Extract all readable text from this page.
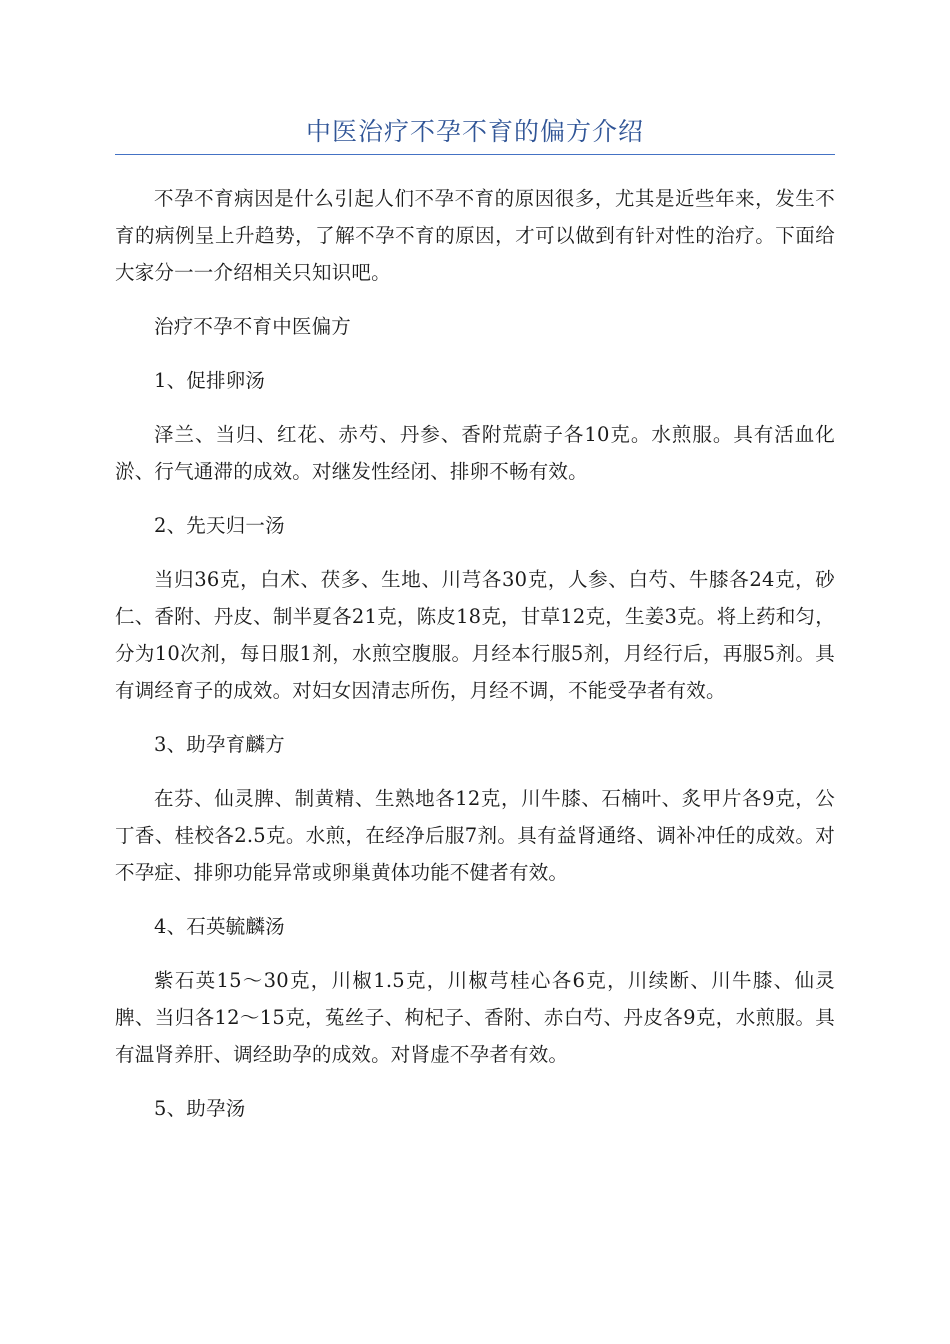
中医治疗不孕不育的偏方介绍

不孕不育病因是什么引起人们不孕不育的原因很多，尤其是近些年来，发生不育的病例呈上升趋势，了解不孕不育的原因，才可以做到有针对性的治疗。下面给大家分一一介绍相关只知识吧。

治疗不孕不育中医偏方

1、促排卵汤

泽兰、当归、红花、赤芍、丹参、香附荒蔚子各10克。水煎服。具有活血化淤、行气通滞的成效。对继发性经闭、排卵不畅有效。

2、先天归一汤

当归36克，白术、茯多、生地、川芎各30克，人参、白芍、牛膝各24克，砂仁、香附、丹皮、制半夏各21克，陈皮18克，甘草12克，生姜3克。将上药和匀，分为10次剂，每日服1剂，水煎空腹服。月经本行服5剂，月经行后，再服5剂。具有调经育子的成效。对妇女因清志所伤，月经不调，不能受孕者有效。

3、助孕育麟方

在芬、仙灵脾、制黄精、生熟地各12克，川牛膝、石楠叶、炙甲片各9克，公丁香、桂校各2.5克。水煎，在经净后服7剂。具有益肾通络、调补冲任的成效。对不孕症、排卵功能异常或卵巢黄体功能不健者有效。

4、石英毓麟汤

紫石英15～30克，川椒1.5克，川椒芎桂心各6克，川续断、川牛膝、仙灵脾、当归各12～15克，菟丝子、枸杞子、香附、赤白芍、丹皮各9克，水煎服。具有温肾养肝、调经助孕的成效。对肾虚不孕者有效。

5、助孕汤
